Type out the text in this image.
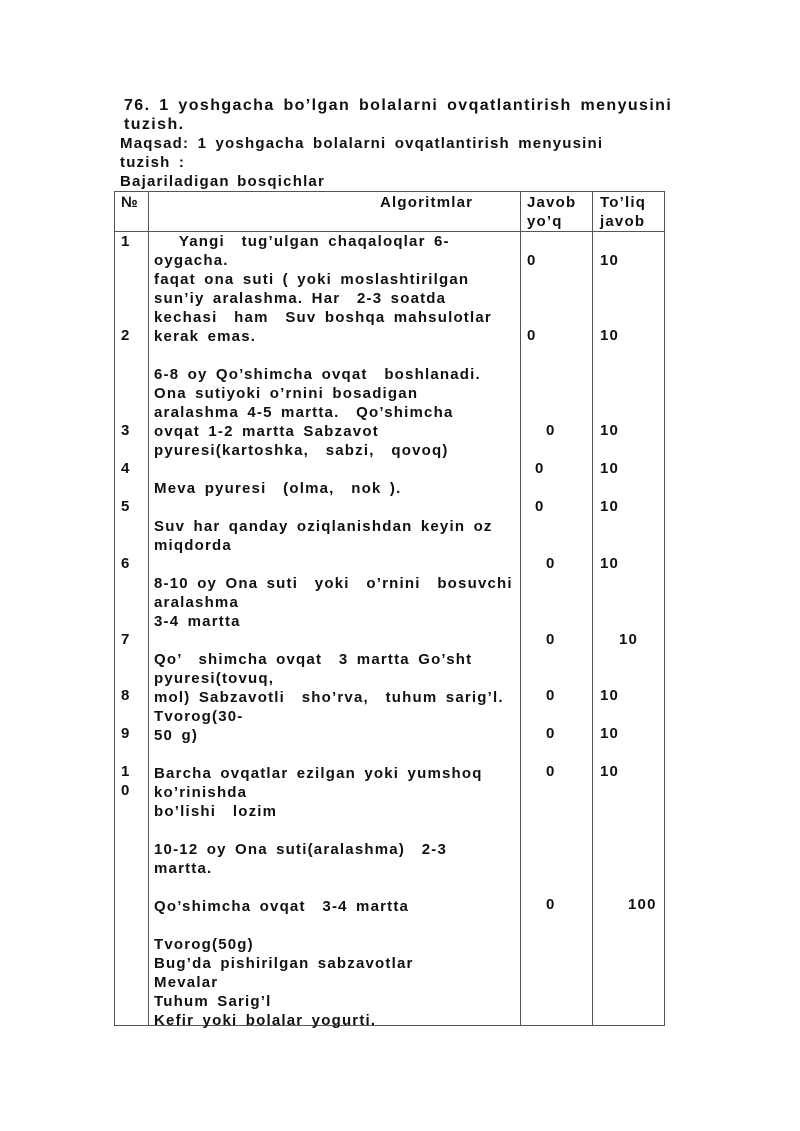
76. 1 yoshgacha bo’lgan bolalarni ovqatlantirish menyusini tuzish.

Maqsad: 1 yoshgacha bolalarni ovqatlantirish menyusini tuzish :

Bajariladigan bosqichlar

№	Algoritmlar	Javob
yo’q
To’liq
javob
1
2
3
4
5
6
7
8
9
1
0
Yangi  tug’ulgan chaqaloqlar 6-
oygacha.
faqat ona suti ( yoki moslashtirilgan
sun’iy aralashma. Har  2-3 soatda
kechasi  ham  Suv boshqa mahsulotlar
kerak emas.

6-8 oy Qo’shimcha ovqat  boshlanadi.
Ona sutiyoki o’rnini bosadigan
aralashma 4-5 martta.  Qo’shimcha
ovqat 1-2 martta Sabzavot
pyuresi(kartoshka,  sabzi,  qovoq)

Meva pyuresi  (olma,  nok ).

Suv har qanday oziqlanishdan keyin oz
miqdorda

8-10 oy Ona suti  yoki  o’rnini  bosuvchi
aralashma
3-4 martta

Qo’  shimcha ovqat  3 martta Go’sht
pyuresi(tovuq,
mol) Sabzavotli  sho’rva,  tuhum sarig’l.
Tvorog(30-
50 g)

Barcha ovqatlar ezilgan yoki yumshoq
ko’rinishda
bo’lishi  lozim

10-12 oy Ona suti(aralashma)  2-3
martta.

Qo’shimcha ovqat  3-4 martta

Tvorog(50g)
Bug’da pishirilgan sabzavotlar
Mevalar
Tuhum Sarig’l
Kefir yoki bolalar yogurti.
0
0
0
0
0
0
0
0
0
0
0
10
10
10
10
10
10
10
10
10
10
100
